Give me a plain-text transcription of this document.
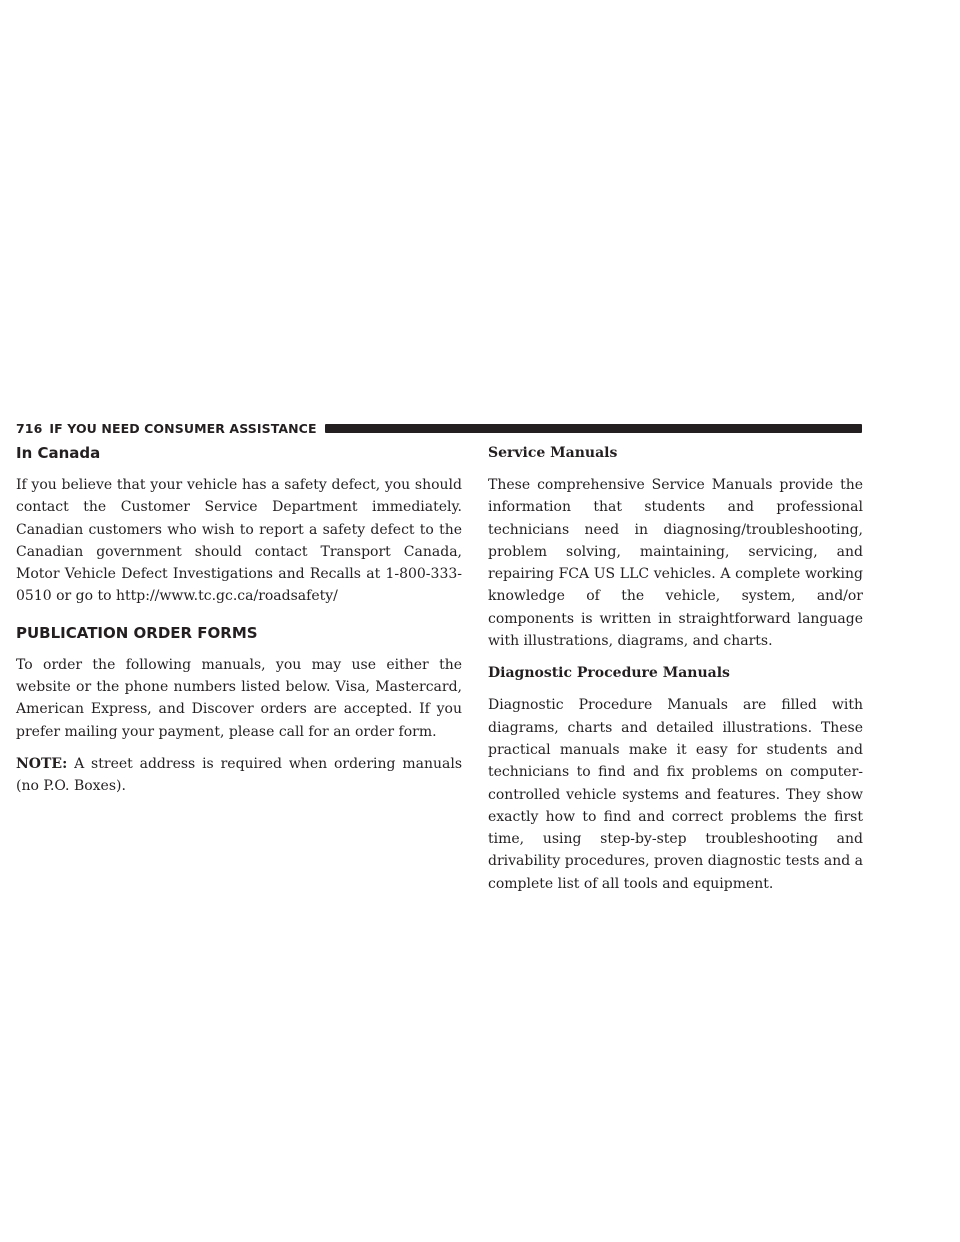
716 IF YOU NEED CONSUMER ASSISTANCE
In Canada

If you believe that your vehicle has a safety defect, you should contact the Customer Service Department immediately. Canadian customers who wish to report a safety defect to the Canadian government should contact Transport Canada, Motor Vehicle Defect Investigations and Recalls at 1-800-333-0510 or go to http://www.tc.gc.ca/roadsafety/

PUBLICATION ORDER FORMS

To order the following manuals, you may use either the website or the phone numbers listed below. Visa, Mastercard, American Express, and Discover orders are accepted. If you prefer mailing your payment, please call for an order form.

NOTE: A street address is required when ordering manuals (no P.O. Boxes).

Service Manuals

These comprehensive Service Manuals provide the information that students and professional technicians need in diagnosing/troubleshooting, problem solving, maintaining, servicing, and repairing FCA US LLC vehicles. A complete working knowledge of the vehicle, system, and/or components is written in straightforward language with illustrations, diagrams, and charts.

Diagnostic Procedure Manuals

Diagnostic Procedure Manuals are filled with diagrams, charts and detailed illustrations. These practical manuals make it easy for students and technicians to find and fix problems on computer-controlled vehicle systems and features. They show exactly how to find and correct problems the first time, using step-by-step troubleshooting and drivability procedures, proven diagnostic tests and a complete list of all tools and equipment.
